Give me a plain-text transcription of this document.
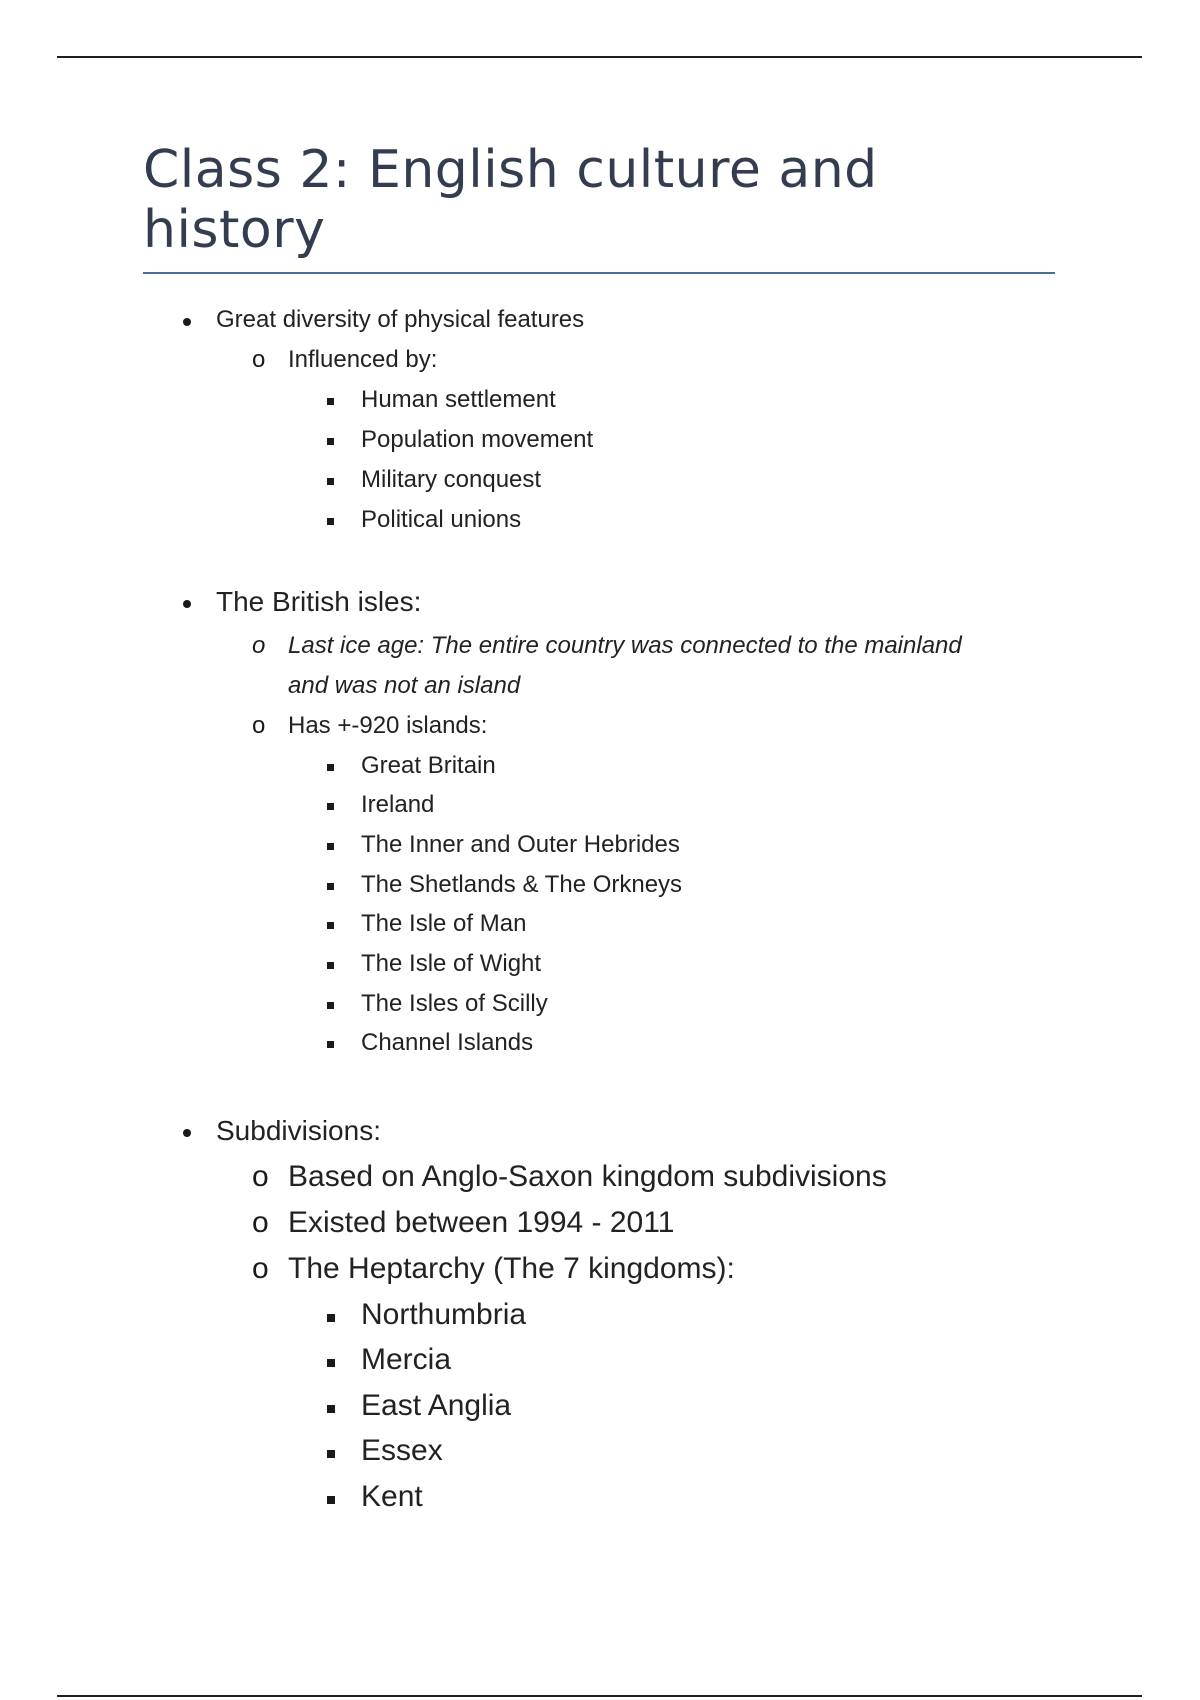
Class 2: English culture and history
Great diversity of physical features
o Influenced by:
Human settlement
Population movement
Military conquest
Political unions
The British isles:
o Last ice age: The entire country was connected to the mainland
and was not an island
o Has +-920 islands:
Great Britain
Ireland
The Inner and Outer Hebrides
The Shetlands & The Orkneys
The Isle of Man
The Isle of Wight
The Isles of Scilly
Channel Islands
Subdivisions:
o Based on Anglo-Saxon kingdom subdivisions
o Existed between 1994 - 2011
o The Heptarchy (The 7 kingdoms):
Northumbria
Mercia
East Anglia
Essex
Kent
